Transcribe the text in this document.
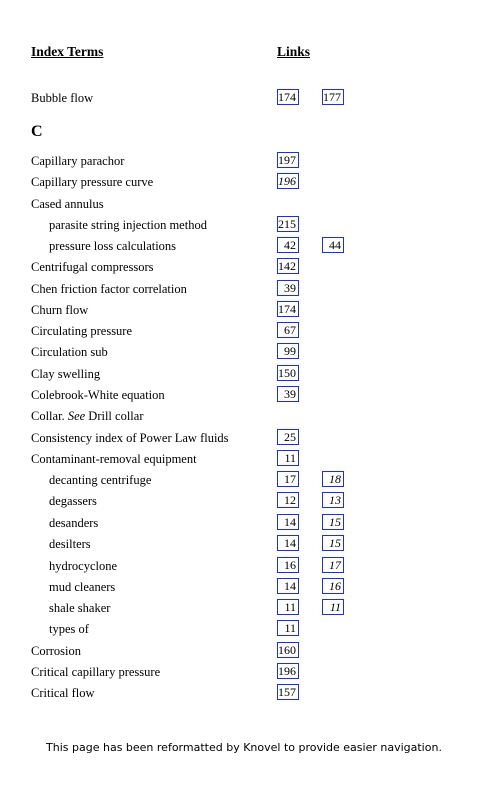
Index Terms	Links
Bubble flow	174 177
C
Capillary parachor	197
Capillary pressure curve	196
Cased annulus
parasite string injection method	215
pressure loss calculations	42	44
Centrifugal compressors	142
Chen friction factor correlation	39
Churn flow	174
Circulating pressure	67
Circulation sub	99
Clay swelling	150
Colebrook-White equation	39
Collar. See Drill collar
Consistency index of Power Law fluids	25
Contaminant-removal equipment	11
decanting centrifuge	17	18
degassers	12	13
desanders	14	15
desilters	14	15
hydrocyclone	16	17
mud cleaners	14	16
shale shaker	11	11
types of	11
Corrosion	160
Critical capillary pressure	196
Critical flow	157
This page has been reformatted by Knovel to provide easier navigation.
